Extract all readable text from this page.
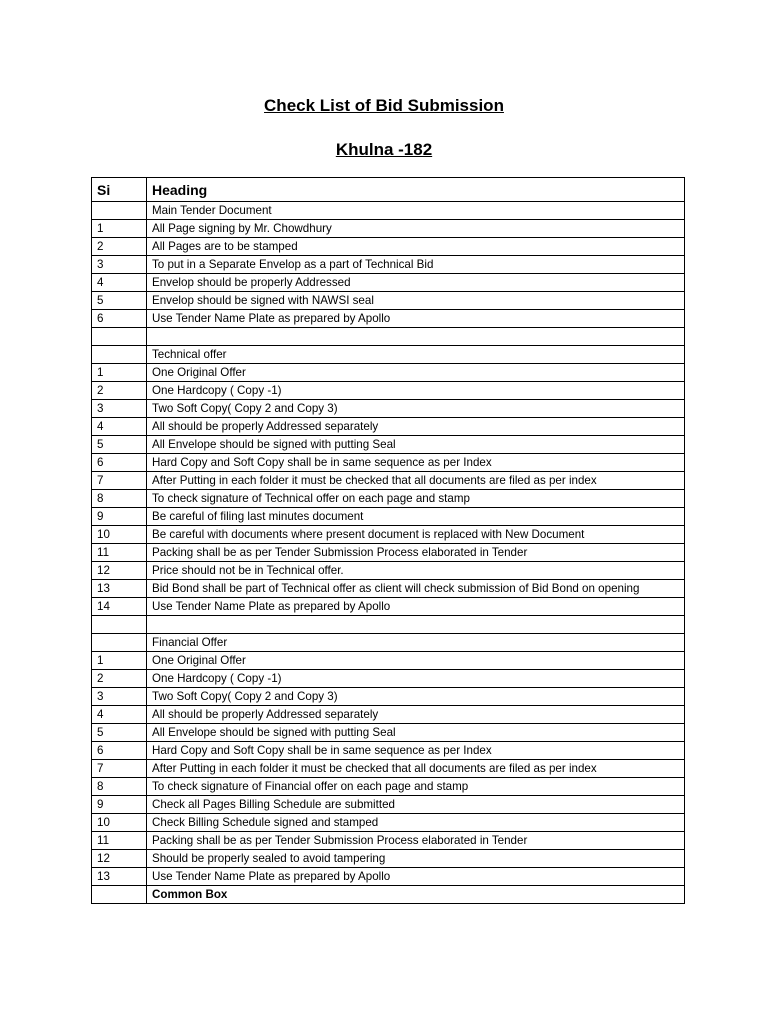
Check List of Bid Submission
Khulna -182
Si	Heading
	Main Tender Document
1	All Page signing by Mr. Chowdhury
2	All Pages are to be stamped
3	To put in a Separate Envelop as a part of Technical Bid
4	Envelop should be properly Addressed
5	Envelop should be signed with NAWSI seal
6	Use Tender Name Plate as prepared by Apollo

	Technical offer
1	One Original Offer
2	One Hardcopy ( Copy -1)
3	Two Soft Copy( Copy 2 and Copy 3)
4	All should be properly Addressed separately
5	All Envelope should be signed with putting Seal
6	Hard Copy and Soft Copy shall be in same sequence as per Index
7	After Putting in each folder it must be checked that all documents are filed as per index
8	To check signature of Technical offer on each page and stamp
9	Be careful of filing last minutes document
10	Be careful with documents where present document is replaced with New Document
11	Packing shall be as per Tender Submission Process elaborated in Tender
12	Price should not be in Technical offer.
13	Bid Bond shall be part of Technical offer as client will check submission of Bid Bond on opening
14	Use Tender Name Plate as prepared by Apollo

	Financial Offer
1	One Original Offer
2	One Hardcopy ( Copy -1)
3	Two Soft Copy( Copy 2 and Copy 3)
4	All should be properly Addressed separately
5	All Envelope should be signed with putting Seal
6	Hard Copy and Soft Copy shall be in same sequence as per Index
7	After Putting in each folder it must be checked that all documents are filed as per index
8	To check signature of Financial offer on each page and stamp
9	Check all Pages Billing Schedule are submitted
10	Check Billing Schedule signed and stamped
11	Packing shall be as per Tender Submission Process elaborated in Tender
12	Should be properly sealed to avoid tampering
13	Use Tender Name Plate as prepared by Apollo
	Common Box
